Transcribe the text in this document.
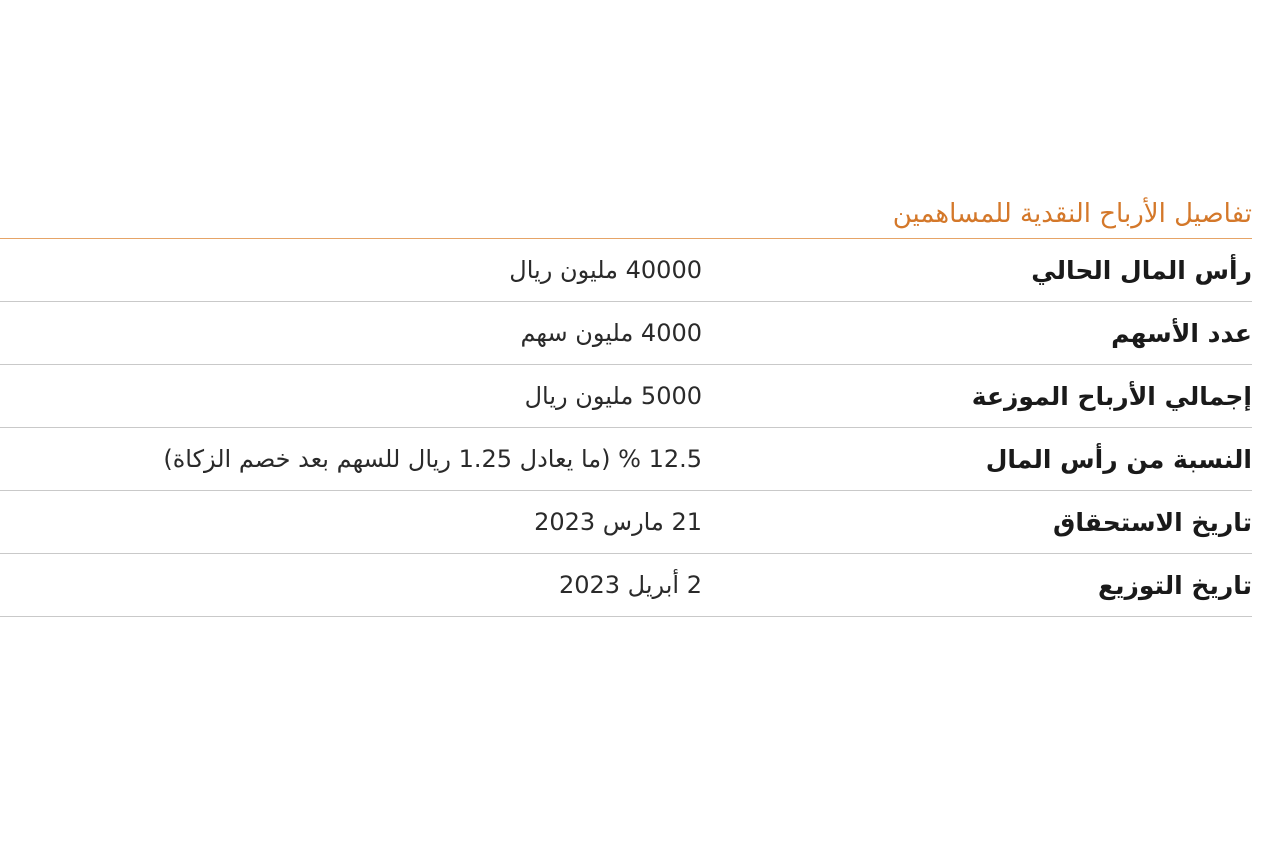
تفاصيل الأرباح النقدية للمساهمين
رأس المال الحالي
40000 مليون ريال
عدد الأسهم
4000 مليون سهم
إجمالي الأرباح الموزعة
5000 مليون ريال
النسبة من رأس المال
12.5 % (ما يعادل 1.25 ريال للسهم بعد خصم الزكاة)
تاريخ الاستحقاق
21 مارس 2023
تاريخ التوزيع
2 أبريل 2023
